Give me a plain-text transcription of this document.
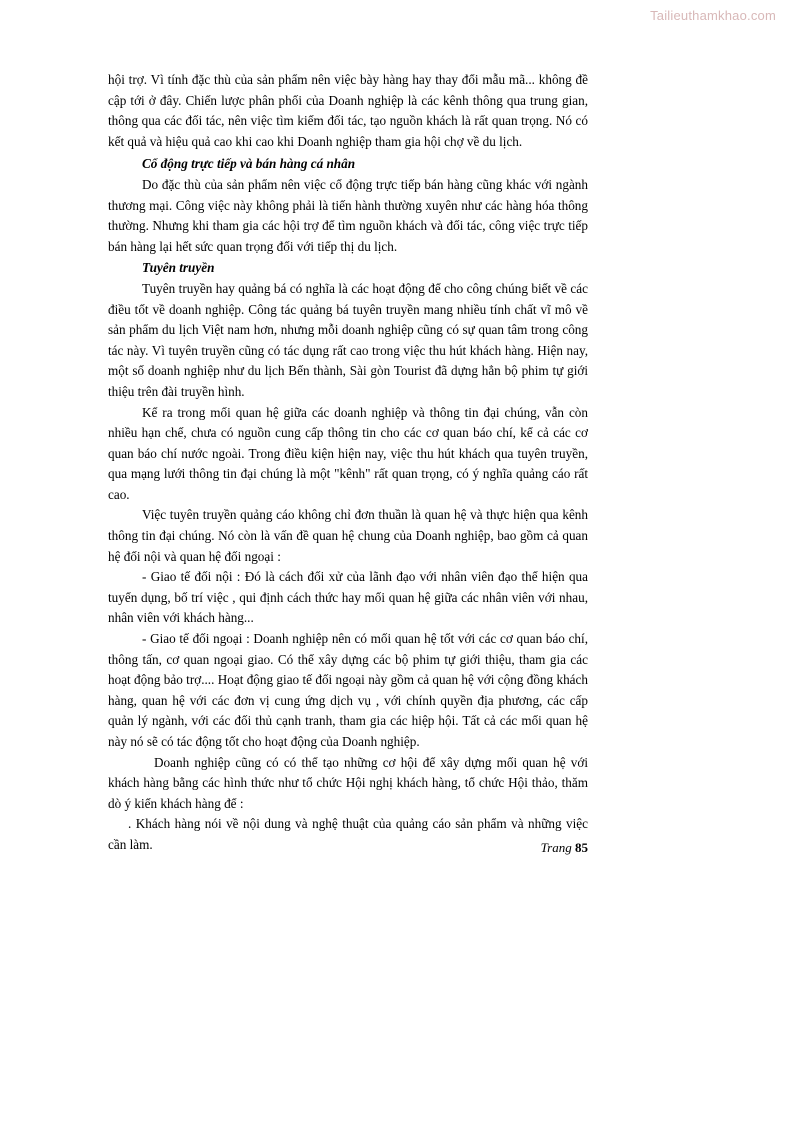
Tailieuthamkhao.com

hội trợ. Vì tính đặc thù của sản phẩm nên việc bày hàng hay thay đổi mẫu mã... không đề cập tới ở đây. Chiến lược phân phối của Doanh nghiệp là các kênh thông qua trung gian, thông qua các đối tác, nên việc tìm kiếm đối tác, tạo nguồn khách là rất quan trọng. Nó có kết quả và hiệu quả cao khi cao khi Doanh nghiệp tham gia hội chợ về du lịch.

Cổ động trực tiếp và bán hàng cá nhân

Do đặc thù của sản phẩm nên việc cổ động trực tiếp bán hàng cũng khác với ngành thương mại. Công việc này không phải là tiến hành thường xuyên như các hàng hóa thông thường. Nhưng khi tham gia các hội trợ để tìm nguồn khách và đối tác, công việc trực tiếp bán hàng lại hết sức quan trọng đối với tiếp thị du lịch.

Tuyên truyền

Tuyên truyền hay quảng bá có nghĩa là các hoạt động để cho công chúng biết về các điều tốt về doanh nghiệp. Công tác quảng bá tuyên truyền mang nhiều tính chất vĩ mô về sản phẩm du lịch Việt nam hơn, nhưng mỗi doanh nghiệp cũng có sự quan tâm trong công tác này. Vì tuyên truyền cũng có tác dụng rất cao trong việc thu hút khách hàng. Hiện nay, một số doanh nghiệp như du lịch Bến thành, Sài gòn Tourist đã dựng hẳn bộ phim tự giới thiệu trên đài truyền hình.

Kể ra trong mối quan hệ giữa các doanh nghiệp và thông tin đại chúng, vẫn còn nhiều hạn chế, chưa có nguồn cung cấp thông tin cho các cơ quan báo chí, kể cả các cơ quan báo chí nước ngoài. Trong điều kiện hiện nay, việc thu hút khách qua tuyên truyền, qua mạng lưới thông tin đại chúng là một "kênh" rất quan trọng, có ý nghĩa quảng cáo rất cao.

Việc tuyên truyền quảng cáo không chỉ đơn thuần là quan hệ và thực hiện qua kênh thông tin đại chúng. Nó còn là vấn đề quan hệ chung của Doanh nghiệp, bao gồm cả quan hệ đối nội và quan hệ đối ngoại :

- Giao tế đối nội : Đó là cách đối xử của lãnh đạo với nhân viên đạo thể hiện qua tuyển dụng, bố trí việc , qui định cách thức hay mối quan hệ giữa các nhân viên với nhau, nhân viên với khách hàng...

- Giao tế đối ngoại : Doanh nghiệp nên có mối quan hệ tốt với các cơ quan báo chí, thông tấn, cơ quan ngoại giao. Có thể xây dựng các bộ phim tự giới thiệu, tham gia các hoạt động bảo trợ.... Hoạt động giao tế đối ngoại này gồm cả quan hệ với cộng đồng khách hàng, quan hệ với các đơn vị cung ứng dịch vụ , với chính quyền địa phương, các cấp quản lý ngành, với các đối thủ cạnh tranh, tham gia các hiệp hội. Tất cả các mối quan hệ này nó sẽ có tác động tốt cho hoạt động của Doanh nghiệp.

Doanh nghiệp cũng có có thể tạo những cơ hội để xây dựng mối quan hệ với khách hàng bằng các hình thức như tổ chức Hội nghị khách hàng, tổ chức Hội thảo, thăm dò ý kiến khách hàng để :

. Khách hàng nói về nội dung và nghệ thuật của quảng cáo sản phẩm và những việc cần làm.	Trang 85
